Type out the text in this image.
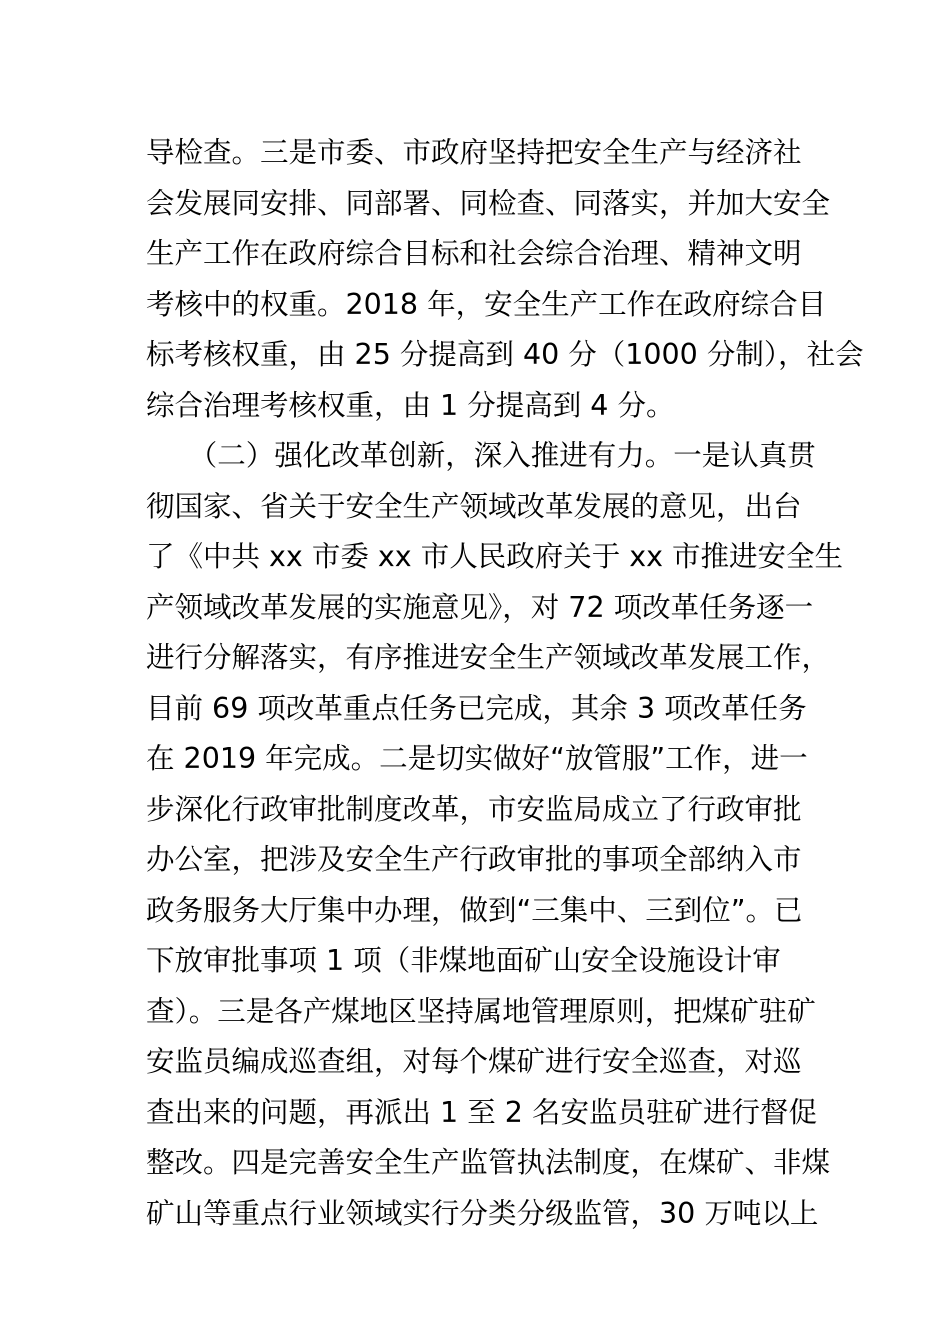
导检查。三是市委、市政府坚持把安全生产与经济社
会发展同安排、同部署、同检查、同落实，并加大安全
生产工作在政府综合目标和社会综合治理、精神文明
考核中的权重。2018 年，安全生产工作在政府综合目
标考核权重，由 25 分提高到 40 分（1000 分制），社会
综合治理考核权重，由 1 分提高到 4 分。
　　（二）强化改革创新，深入推进有力。一是认真贯
彻国家、省关于安全生产领域改革发展的意见，出台
了《中共 xx 市委 xx 市人民政府关于 xx 市推进安全生
产领域改革发展的实施意见》，对 72 项改革任务逐一
进行分解落实，有序推进安全生产领域改革发展工作，
目前 69 项改革重点任务已完成，其余 3 项改革任务
在 2019 年完成。二是切实做好“放管服”工作，进一
步深化行政审批制度改革，市安监局成立了行政审批
办公室，把涉及安全生产行政审批的事项全部纳入市
政务服务大厅集中办理，做到“三集中、三到位”。已
下放审批事项 1 项（非煤地面矿山安全设施设计审
查）。三是各产煤地区坚持属地管理原则，把煤矿驻矿
安监员编成巡查组，对每个煤矿进行安全巡查，对巡
查出来的问题，再派出 1 至 2 名安监员驻矿进行督促
整改。四是完善安全生产监管执法制度，在煤矿、非煤
矿山等重点行业领域实行分类分级监管，30 万吨以上
